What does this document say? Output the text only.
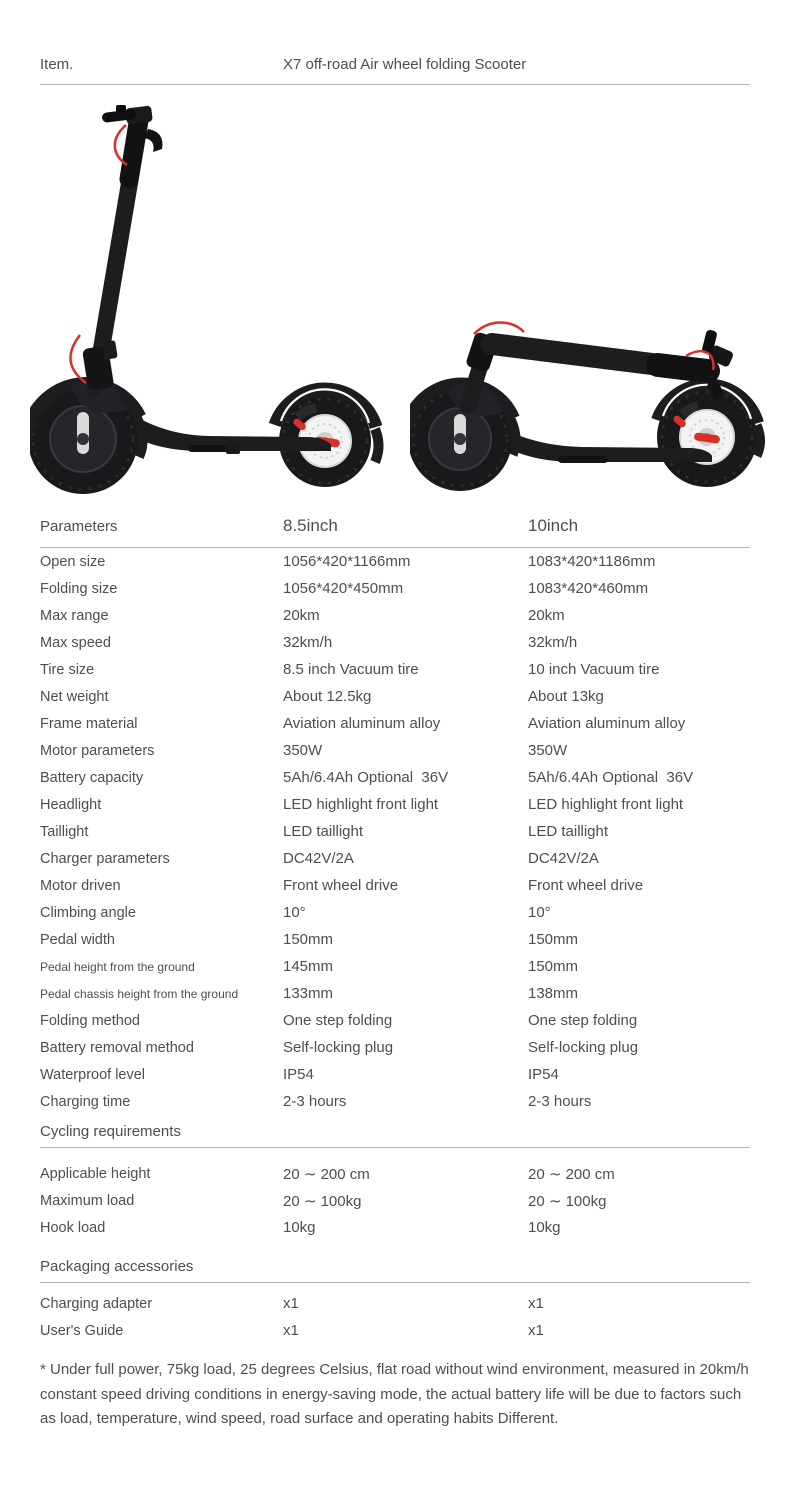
Item.	X7 off-road Air wheel folding Scooter
Parameters	8.5inch	10inch
Open size	1056*420*1166mm	1083*420*1186mm
Folding size	1056*420*450mm	1083*420*460mm
Max range	20km	20km
Max speed	32km/h	32km/h
Tire size	8.5 inch Vacuum tire	10 inch Vacuum tire
Net weight	About 12.5kg	About 13kg
Frame material	Aviation aluminum alloy	Aviation aluminum alloy
Motor parameters	350W	350W
Battery capacity	5Ah/6.4Ah Optional  36V	5Ah/6.4Ah Optional  36V
Headlight	LED highlight front light	LED highlight front light
Taillight	LED taillight	LED taillight
Charger parameters	DC42V/2A	DC42V/2A
Motor driven	Front wheel drive	Front wheel drive
Climbing angle	10°	10°
Pedal width	150mm	150mm
Pedal height from the ground	145mm	150mm
Pedal chassis height from the ground	133mm	138mm
Folding method	One step folding	One step folding
Battery removal method	Self-locking plug	Self-locking plug
Waterproof level	IP54	IP54
Charging time	2-3 hours	2-3 hours
Cycling requirements
Applicable height	20 ∼ 200 cm	20 ∼ 200 cm
Maximum load	20 ∼ 100kg	20 ∼ 100kg
Hook load	10kg	10kg
Packaging accessories
Charging adapter	x1	x1
User's Guide	x1	x1

* Under full power, 75kg load, 25 degrees Celsius, flat road without wind environment, measured in 20km/h constant speed driving conditions in energy-saving mode, the actual battery life will be due to factors such as load, temperature, wind speed, road surface and operating habits Different.
